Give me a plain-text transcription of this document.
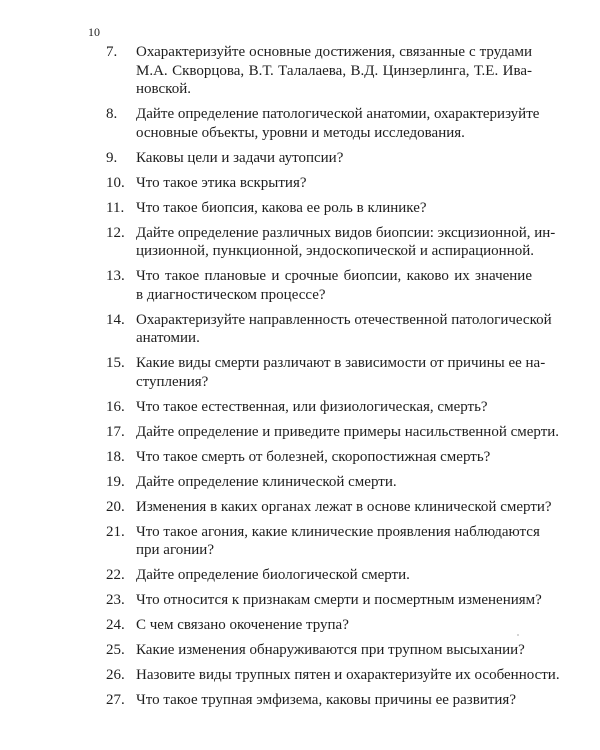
10
7.	Охарактеризуйте основные достижения, связанные с трудами
М.А. Скворцова, В.Т. Талалаева, В.Д. Цинзерлинга, Т.Е. Ива-
новской.
8.	Дайте определение патологической анатомии, охарактеризуйте
основные объекты, уровни и методы исследования.
9.	Каковы цели и задачи аутопсии?
10. Что такое этика вскрытия?
11. Что такое биопсия, какова ее роль в клинике?
12. Дайте определение различных видов биопсии: эксцизионной, ин-
цизионной, пункционной, эндоскопической и аспирационной.
13. Что такое плановые и срочные биопсии, каково их значение
в диагностическом процессе?
14. Охарактеризуйте направленность отечественной патологической
анатомии.
15. Какие виды смерти различают в зависимости от причины ее на-
ступления?
16. Что такое естественная, или физиологическая, смерть?
17. Дайте определение и приведите примеры насильственной смерти.
18. Что такое смерть от болезней, скоропостижная смерть?
19. Дайте определение клинической смерти.
20. Изменения в каких органах лежат в основе клинической смерти?
21. Что такое агония, какие клинические проявления наблюдаются
при агонии?
22. Дайте определение биологической смерти.
23. Что относится к признакам смерти и посмертным изменениям?
24. С чем связано окоченение трупа?
25. Какие изменения обнаруживаются при трупном высыхании?
26. Назовите виды трупных пятен и охарактеризуйте их особенности.
27. Что такое трупная эмфизема, каковы причины ее развития?
